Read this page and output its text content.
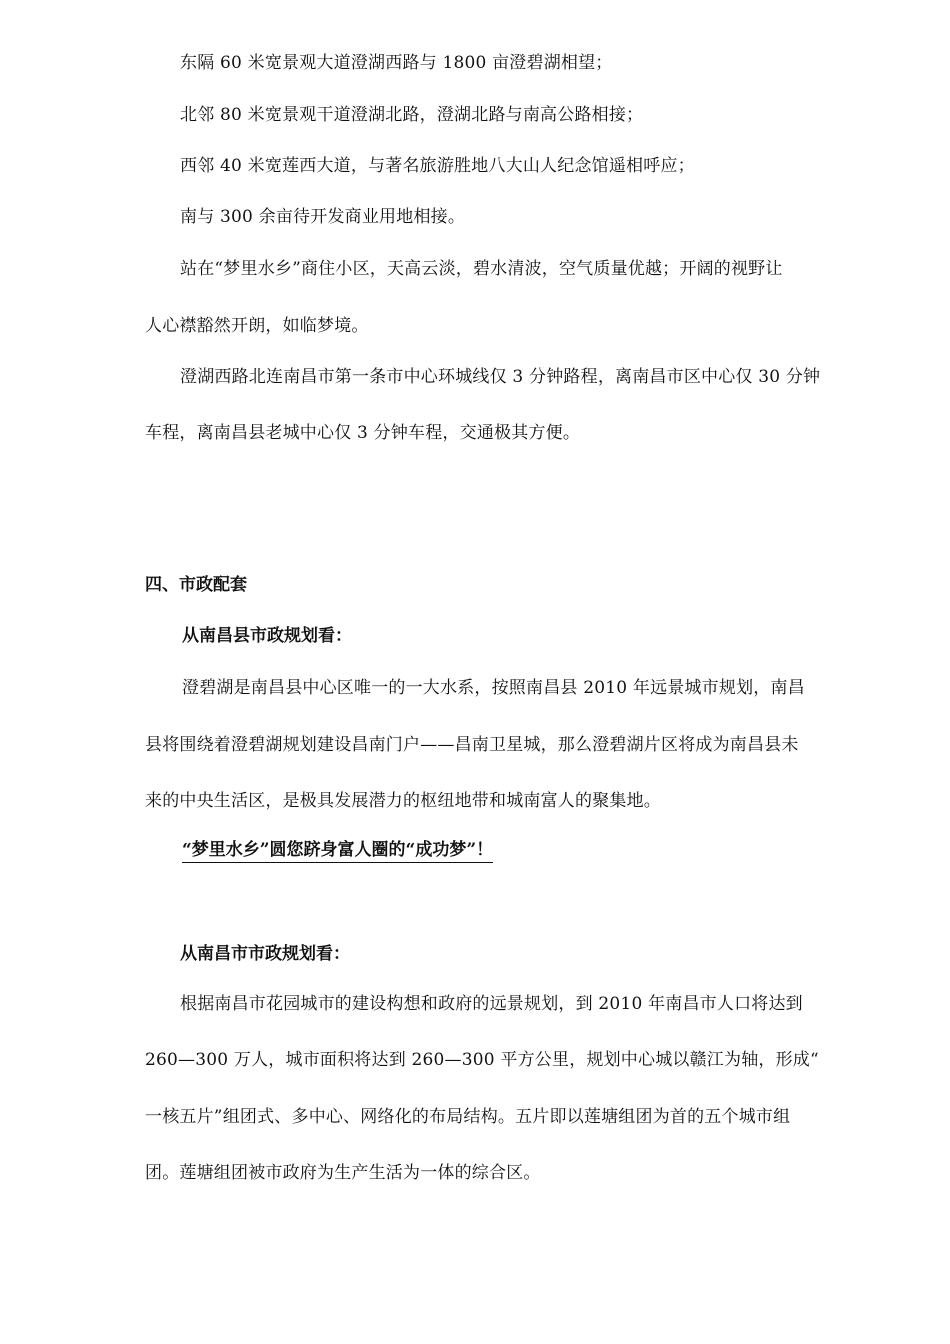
东隔 60 米宽景观大道澄湖西路与 1800 亩澄碧湖相望；
北邻 80 米宽景观干道澄湖北路，澄湖北路与南高公路相接；
西邻 40 米宽莲西大道，与著名旅游胜地八大山人纪念馆遥相呼应；
南与 300 余亩待开发商业用地相接。
站在“梦里水乡”商住小区，天高云淡，碧水清波，空气质量优越；开阔的视野让
人心襟豁然开朗，如临梦境。
澄湖西路北连南昌市第一条市中心环城线仅 3 分钟路程，离南昌市区中心仅 30 分钟
车程，离南昌县老城中心仅 3 分钟车程，交通极其方便。
四、市政配套
从南昌县市政规划看：
澄碧湖是南昌县中心区唯一的一大水系，按照南昌县 2010 年远景城市规划，南昌
县将围绕着澄碧湖规划建设昌南门户——昌南卫星城，那么澄碧湖片区将成为南昌县未
来的中央生活区，是极具发展潜力的枢纽地带和城南富人的聚集地。
“梦里水乡”圆您跻身富人圈的“成功梦”！
从南昌市市政规划看：
根据南昌市花园城市的建设构想和政府的远景规划，到 2010 年南昌市人口将达到
260—300 万人，城市面积将达到 260—300 平方公里，规划中心城以赣江为轴，形成“
一核五片”组团式、多中心、网络化的布局结构。五片即以莲塘组团为首的五个城市组
团。莲塘组团被市政府为生产生活为一体的综合区。
